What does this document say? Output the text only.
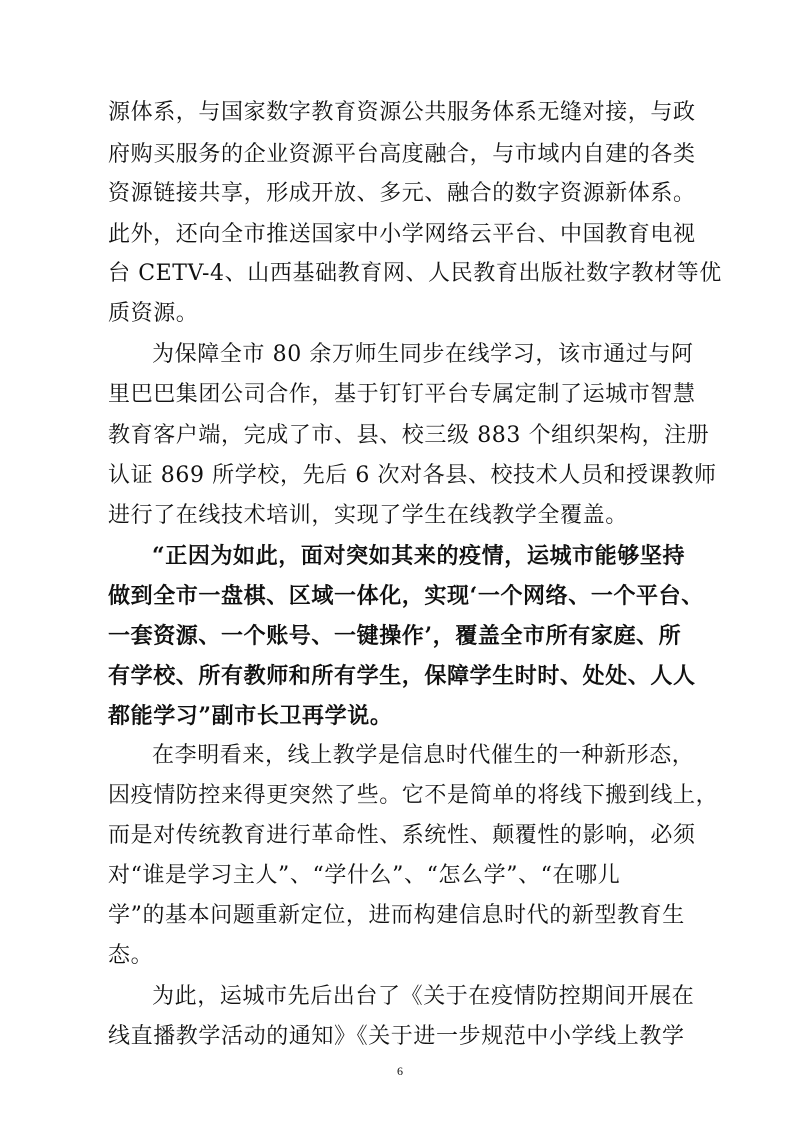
源体系，与国家数字教育资源公共服务体系无缝对接，与政
府购买服务的企业资源平台高度融合，与市域内自建的各类
资源链接共享，形成开放、多元、融合的数字资源新体系。
此外，还向全市推送国家中小学网络云平台、中国教育电视
台 CETV-4、山西基础教育网、人民教育出版社数字教材等优
质资源。
为保障全市 80 余万师生同步在线学习，该市通过与阿
里巴巴集团公司合作，基于钉钉平台专属定制了运城市智慧
教育客户端，完成了市、县、校三级 883 个组织架构，注册
认证 869 所学校，先后 6 次对各县、校技术人员和授课教师
进行了在线技术培训，实现了学生在线教学全覆盖。
“正因为如此，面对突如其来的疫情，运城市能够坚持
做到全市一盘棋、区域一体化，实现‘一个网络、一个平台、
一套资源、一个账号、一键操作’，覆盖全市所有家庭、所
有学校、所有教师和所有学生，保障学生时时、处处、人人
都能学习”副市长卫再学说。
在李明看来，线上教学是信息时代催生的一种新形态，
因疫情防控来得更突然了些。它不是简单的将线下搬到线上，
而是对传统教育进行革命性、系统性、颠覆性的影响，必须
对“谁是学习主人”、“学什么”、“怎么学”、“在哪儿
学”的基本问题重新定位，进而构建信息时代的新型教育生
态。
为此，运城市先后出台了《关于在疫情防控期间开展在
线直播教学活动的通知》《关于进一步规范中小学线上教学
6
